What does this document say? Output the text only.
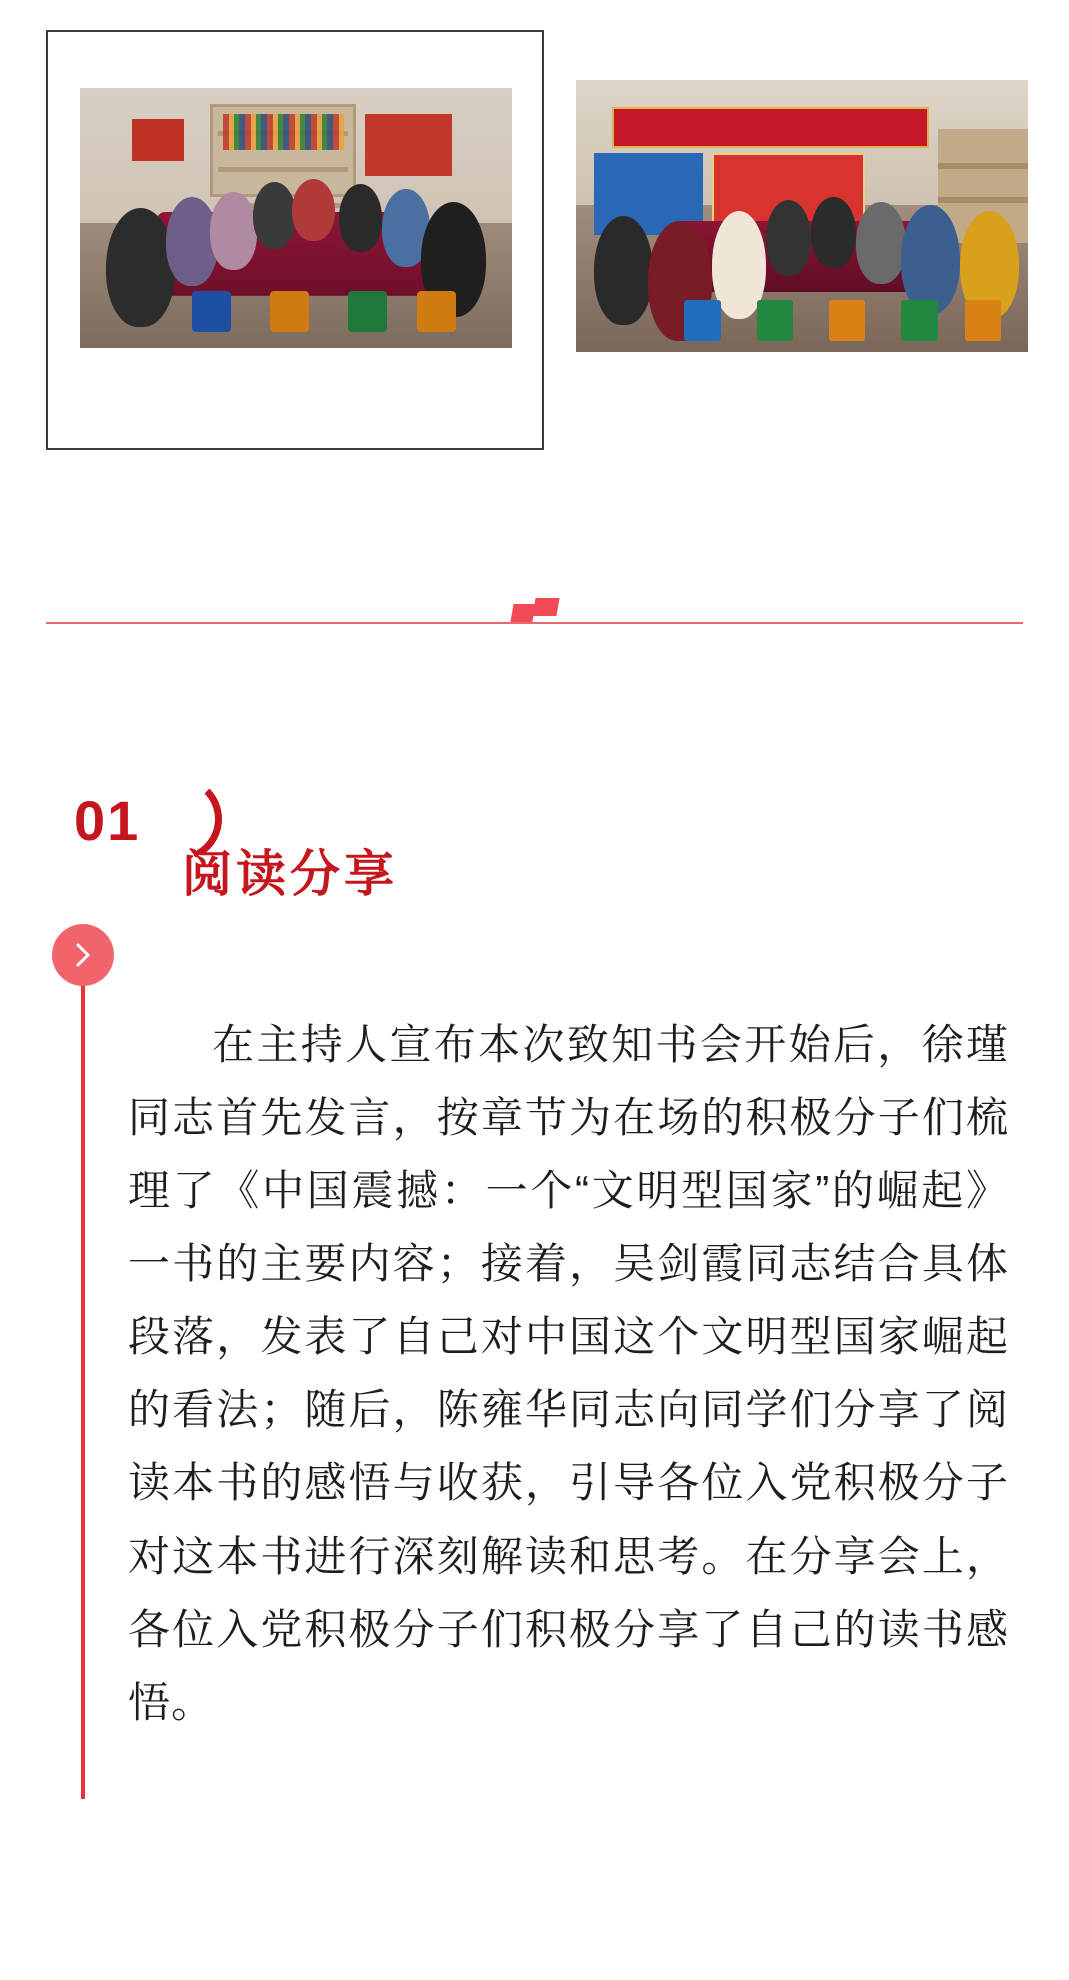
01
阅读分享

在主持人宣布本次致知书会开始后，徐瑾同志首先发言，按章节为在场的积极分子们梳理了《中国震撼：一个“文明型国家”的崛起》一书的主要内容；接着，吴剑霞同志结合具体段落，发表了自己对中国这个文明型国家崛起的看法；随后，陈雍华同志向同学们分享了阅读本书的感悟与收获，引导各位入党积极分子对这本书进行深刻解读和思考。在分享会上，各位入党积极分子们积极分享了自己的读书感悟。
